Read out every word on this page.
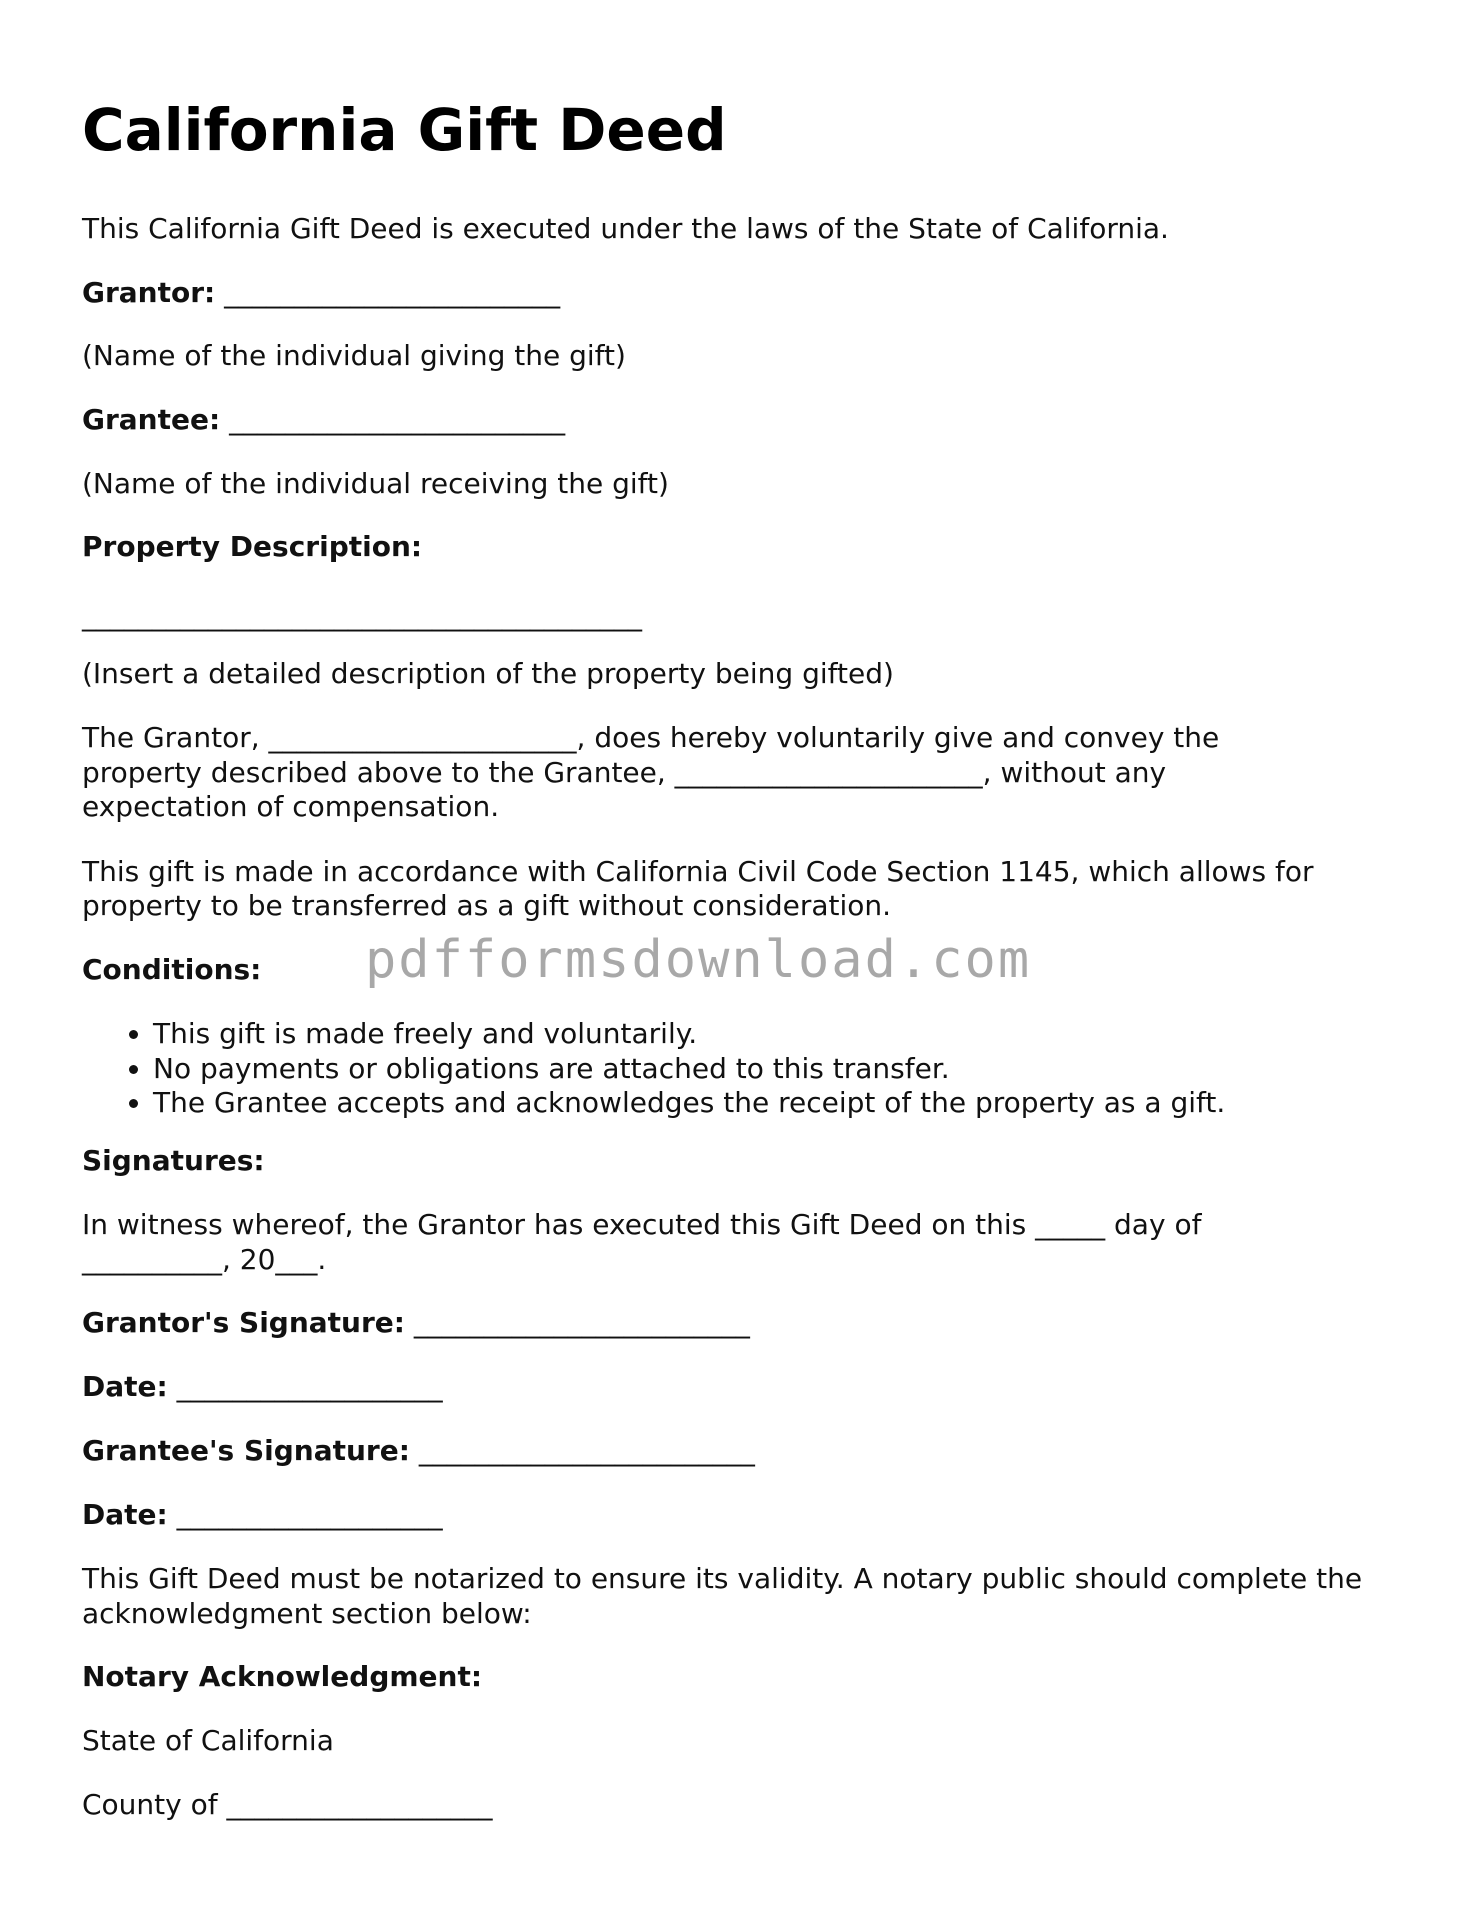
California Gift Deed

This California Gift Deed is executed under the laws of the State of California.

Grantor: ________________________

(Name of the individual giving the gift)

Grantee: ________________________

(Name of the individual receiving the gift)

Property Description:

________________________________________

(Insert a detailed description of the property being gifted)

The Grantor, ______________________, does hereby voluntarily give and convey the

property described above to the Grantee, ______________________, without any

expectation of compensation.

This gift is made in accordance with California Civil Code Section 1145, which allows for

property to be transferred as a gift without consideration.

Conditions:

• This gift is made freely and voluntarily.
• No payments or obligations are attached to this transfer.
• The Grantee accepts and acknowledges the receipt of the property as a gift.

Signatures:

In witness whereof, the Grantor has executed this Gift Deed on this _____ day of

__________, 20___.

Grantor's Signature: ________________________

Date: ___________________

Grantee's Signature: ________________________

Date: ___________________

This Gift Deed must be notarized to ensure its validity. A notary public should complete the

acknowledgment section below:

Notary Acknowledgment:

State of California

County of ___________________

pdfformsdownload.com
